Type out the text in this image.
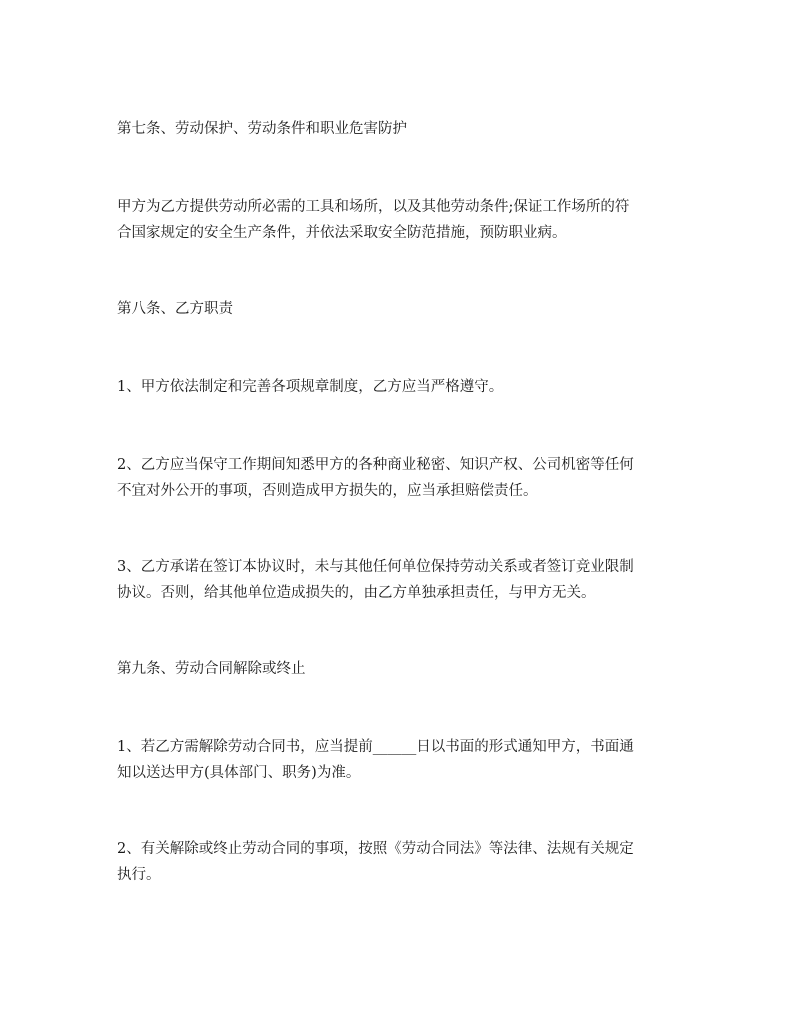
第七条、劳动保护、劳动条件和职业危害防护

甲方为乙方提供劳动所必需的工具和场所，以及其他劳动条件;保证工作场所的符
合国家规定的安全生产条件，并依法采取安全防范措施，预防职业病。

第八条、乙方职责

1、甲方依法制定和完善各项规章制度，乙方应当严格遵守。

2、乙方应当保守工作期间知悉甲方的各种商业秘密、知识产权、公司机密等任何
不宜对外公开的事项，否则造成甲方损失的，应当承担赔偿责任。

3、乙方承诺在签订本协议时，未与其他任何单位保持劳动关系或者签订竞业限制
协议。否则，给其他单位造成损失的，由乙方单独承担责任，与甲方无关。

第九条、劳动合同解除或终止

1、若乙方需解除劳动合同书，应当提前______日以书面的形式通知甲方，书面通
知以送达甲方(具体部门、职务)为准。

2、有关解除或终止劳动合同的事项，按照《劳动合同法》等法律、法规有关规定
执行。
